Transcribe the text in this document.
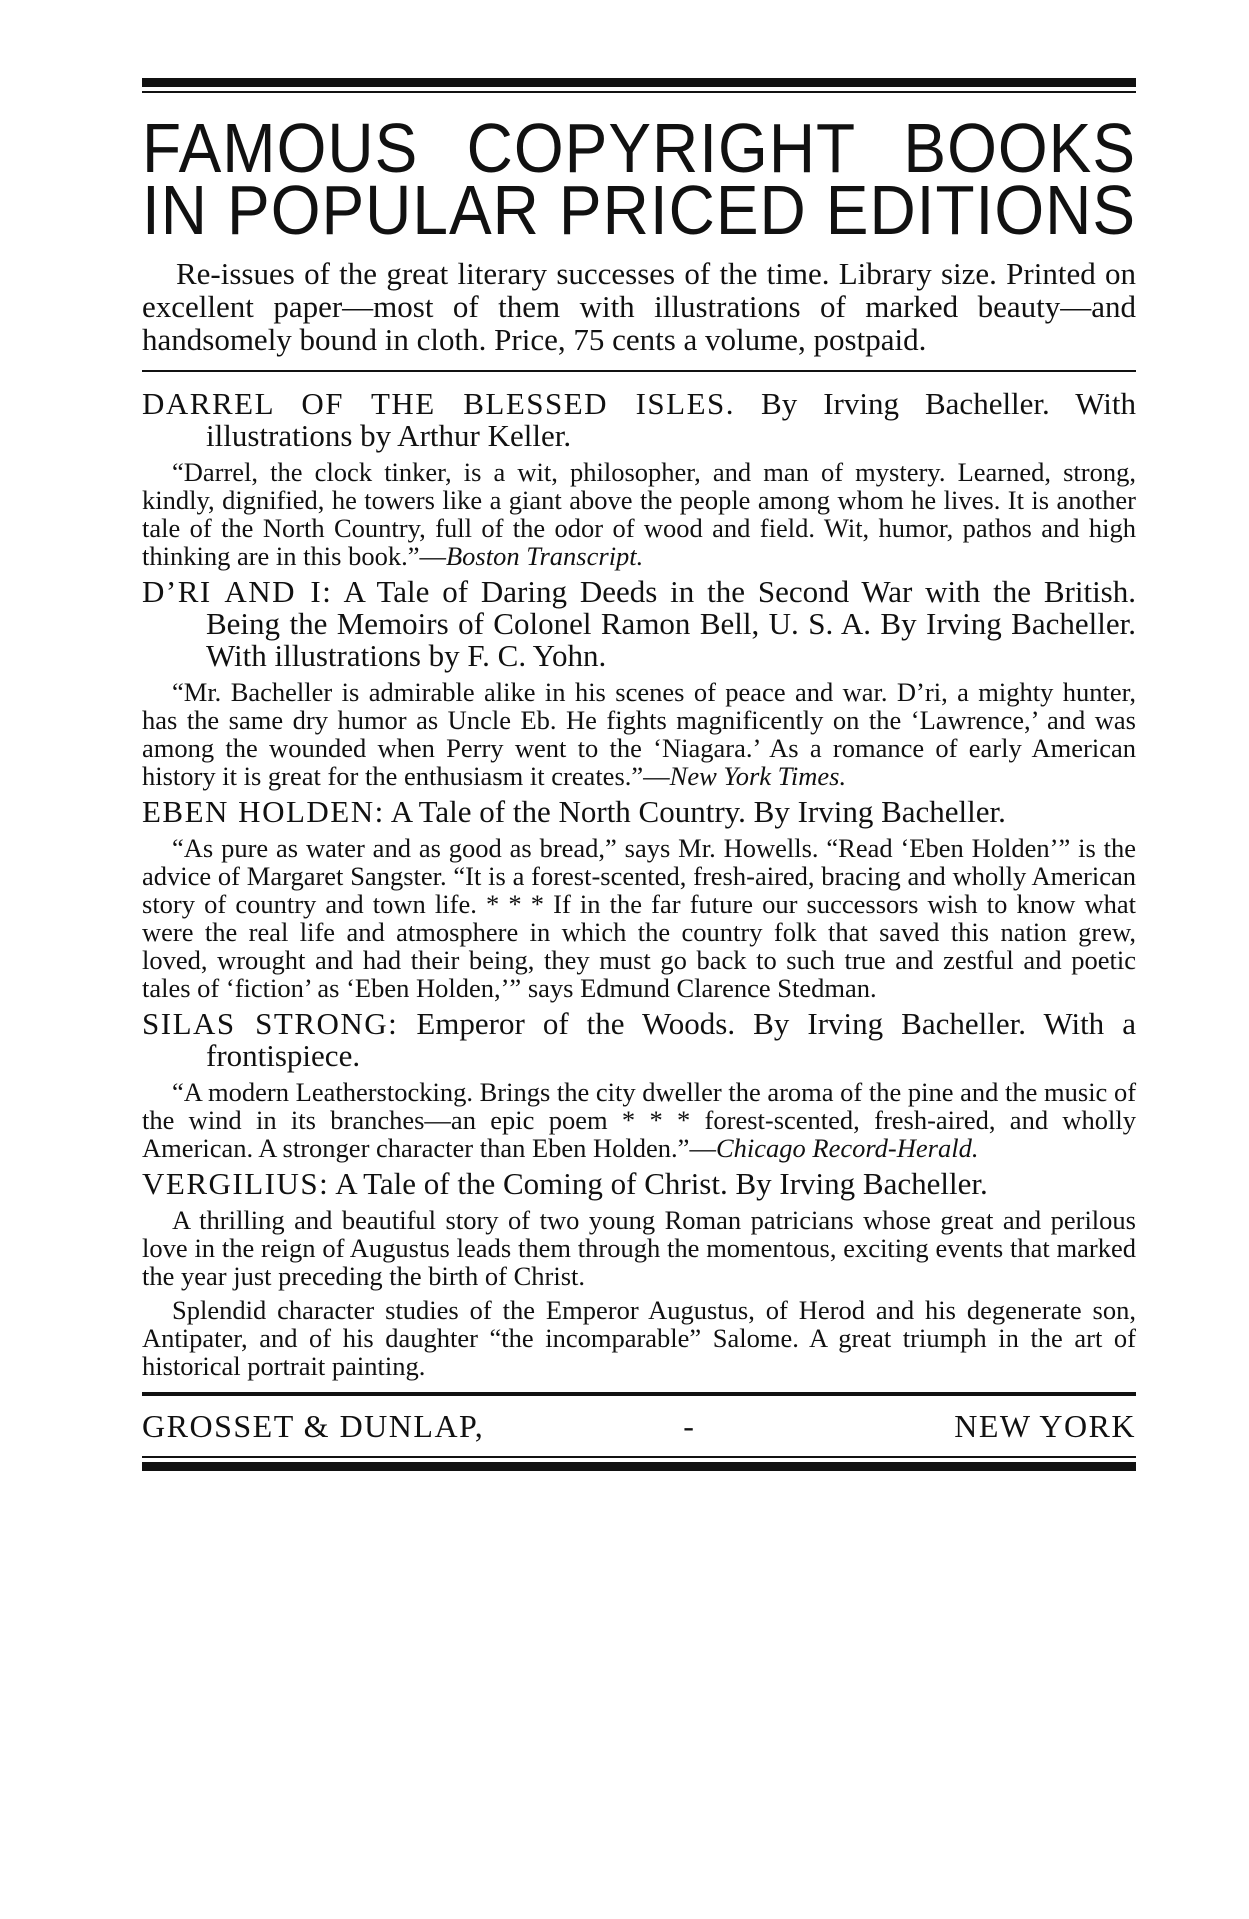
FAMOUS COPYRIGHT BOOKS
IN POPULAR PRICED EDITIONS

Re-issues of the great literary successes of the time. Library size. Printed on excellent paper—most of them with illustrations of marked beauty—and handsomely bound in cloth. Price, 75 cents a volume, postpaid.

DARREL OF THE BLESSED ISLES. By Irving Bacheller. With illustrations by Arthur Keller.

“Darrel, the clock tinker, is a wit, philosopher, and man of mystery. Learned, strong, kindly, dignified, he towers like a giant above the people among whom he lives. It is another tale of the North Country, full of the odor of wood and field. Wit, humor, pathos and high thinking are in this book.”—Boston Transcript.

D’RI AND I: A Tale of Daring Deeds in the Second War with the British. Being the Memoirs of Colonel Ramon Bell, U. S. A. By Irving Bacheller. With illustrations by F. C. Yohn.

“Mr. Bacheller is admirable alike in his scenes of peace and war. D’ri, a mighty hunter, has the same dry humor as Uncle Eb. He fights magnificently on the ‘Lawrence,’ and was among the wounded when Perry went to the ‘Niagara.’ As a romance of early American history it is great for the enthusiasm it creates.”—New York Times.

EBEN HOLDEN: A Tale of the North Country. By Irving Bacheller.

“As pure as water and as good as bread,” says Mr. Howells. “Read ‘Eben Holden’” is the advice of Margaret Sangster. “It is a forest-scented, fresh-aired, bracing and wholly American story of country and town life. * * * If in the far future our successors wish to know what were the real life and atmosphere in which the country folk that saved this nation grew, loved, wrought and had their being, they must go back to such true and zestful and poetic tales of ‘fiction’ as ‘Eben Holden,’” says Edmund Clarence Stedman.

SILAS STRONG: Emperor of the Woods. By Irving Bacheller. With a frontispiece.

“A modern Leatherstocking. Brings the city dweller the aroma of the pine and the music of the wind in its branches—an epic poem * * * forest-scented, fresh-aired, and wholly American. A stronger character than Eben Holden.”—Chicago Record-Herald.

VERGILIUS: A Tale of the Coming of Christ. By Irving Bacheller.

A thrilling and beautiful story of two young Roman patricians whose great and perilous love in the reign of Augustus leads them through the momentous, exciting events that marked the year just preceding the birth of Christ.

Splendid character studies of the Emperor Augustus, of Herod and his degenerate son, Antipater, and of his daughter “the incomparable” Salome. A great triumph in the art of historical portrait painting.

GROSSET & DUNLAP,	-	NEW YORK
